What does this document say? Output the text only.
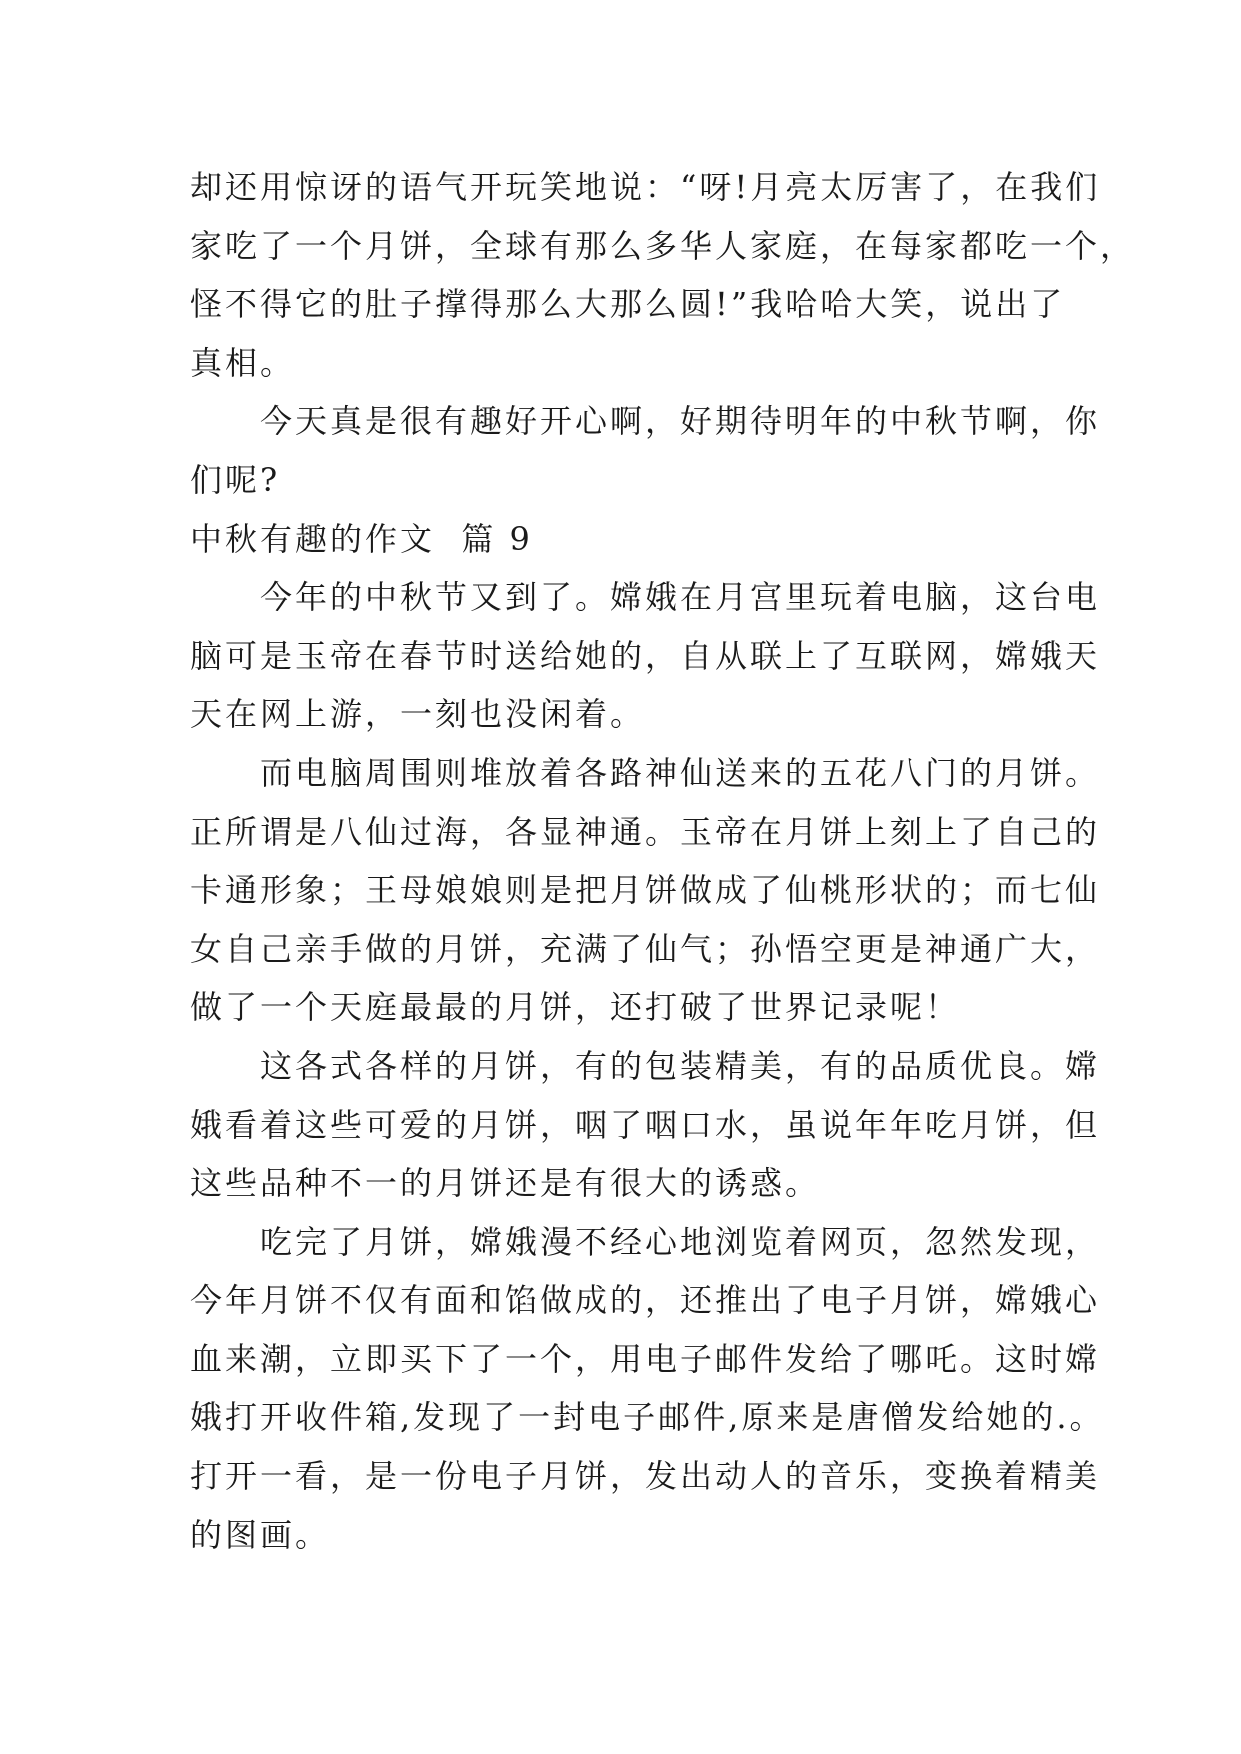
却还用惊讶的语气开玩笑地说：“呀!月亮太厉害了，在我们
家吃了一个月饼，全球有那么多华人家庭，在每家都吃一个，
怪不得它的肚子撑得那么大那么圆!”我哈哈大笑，说出了
真相。
今天真是很有趣好开心啊，好期待明年的中秋节啊，你
们呢?
中秋有趣的作文  篇 9
今年的中秋节又到了。嫦娥在月宫里玩着电脑，这台电
脑可是玉帝在春节时送给她的，自从联上了互联网，嫦娥天
天在网上游，一刻也没闲着。
而电脑周围则堆放着各路神仙送来的五花八门的月饼。
正所谓是八仙过海，各显神通。玉帝在月饼上刻上了自己的
卡通形象；王母娘娘则是把月饼做成了仙桃形状的；而七仙
女自己亲手做的月饼，充满了仙气；孙悟空更是神通广大，
做了一个天庭最最的月饼，还打破了世界记录呢！
这各式各样的月饼，有的包装精美，有的品质优良。嫦
娥看着这些可爱的月饼，咽了咽口水，虽说年年吃月饼，但
这些品种不一的月饼还是有很大的诱惑。
吃完了月饼，嫦娥漫不经心地浏览着网页，忽然发现，
今年月饼不仅有面和馅做成的，还推出了电子月饼，嫦娥心
血来潮，立即买下了一个，用电子邮件发给了哪吒。这时嫦
娥打开收件箱,发现了一封电子邮件,原来是唐僧发给她的.。
打开一看，是一份电子月饼，发出动人的音乐，变换着精美
的图画。
